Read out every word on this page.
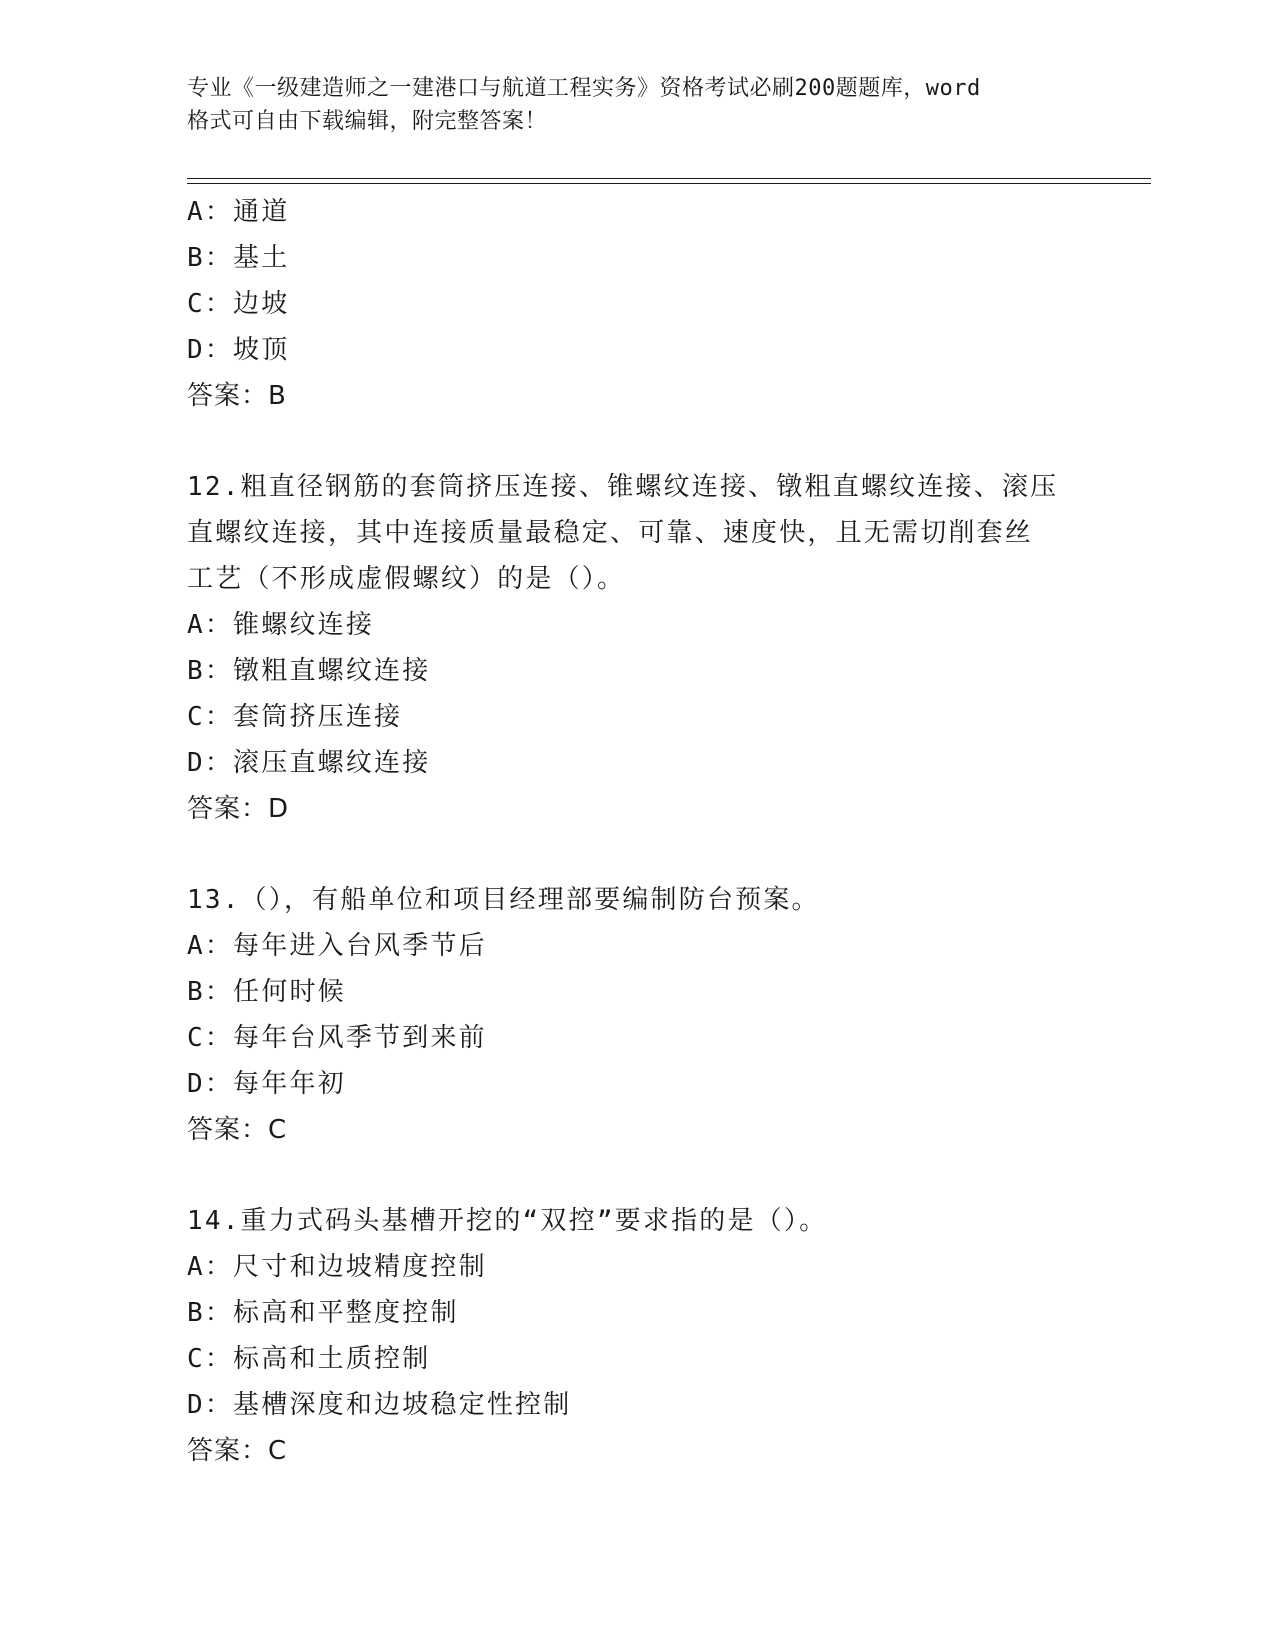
专业《一级建造师之一建港口与航道工程实务》资格考试必刷200题题库，word
格式可自由下载编辑，附完整答案！
A：通道
B：基土
C：边坡
D：坡顶
答案：B
12.粗直径钢筋的套筒挤压连接、锥螺纹连接、镦粗直螺纹连接、滚压
直螺纹连接，其中连接质量最稳定、可靠、速度快，且无需切削套丝
工艺（不形成虚假螺纹）的是（）。
A：锥螺纹连接
B：镦粗直螺纹连接
C：套筒挤压连接
D：滚压直螺纹连接
答案：D
13.（），有船单位和项目经理部要编制防台预案。
A：每年进入台风季节后
B：任何时候
C：每年台风季节到来前
D：每年年初
答案：C
14.重力式码头基槽开挖的“双控”要求指的是（）。
A：尺寸和边坡精度控制
B：标高和平整度控制
C：标高和土质控制
D：基槽深度和边坡稳定性控制
答案：C
